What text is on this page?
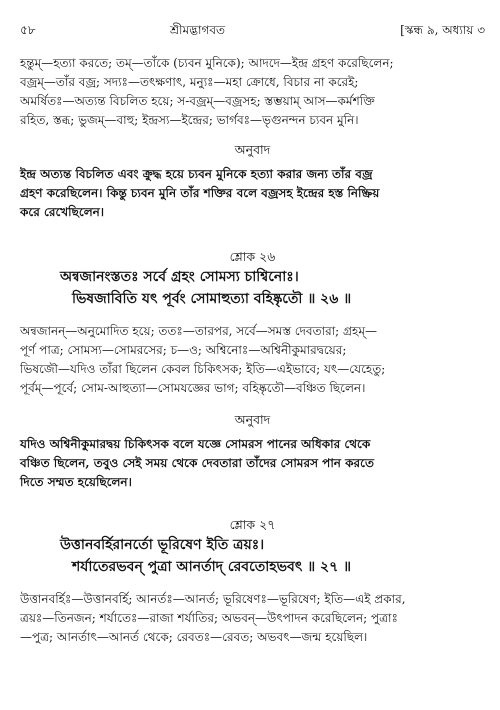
৫৮	শ্রীমদ্ভাগবত	[স্কন্ধ ৯, অধ্যায় ৩

হন্তুম্—হত্যা করতে; তম্—তাঁকে (চ্যবন মুনিকে); আদদে—ইন্দ্র গ্রহণ করেছিলেন;

বজ্রম্—তাঁর বজ্র; সদ্যঃ—তৎক্ষণাৎ, মন্যুঃ—মহা ক্রোধে, বিচার না করেই;

অমর্ষিতঃ—অত্যন্ত বিচলিত হয়ে; স-বজ্রম্—বজ্রসহ; স্তম্ভয়াম্ আস—কর্মশক্তি

রহিত, স্তব্ধ; ভুজম্—বাহু; ইন্দ্রস্য—ইন্দ্রের; ভার্গবঃ—ভৃগুনন্দন চ্যবন মুনি।

অনুবাদ

ইন্দ্র অত্যন্ত বিচলিত এবং ক্রুদ্ধ হয়ে চ্যবন মুনিকে হত্যা করার জন্য তাঁর বজ্র

গ্রহণ করেছিলেন। কিন্তু চ্যবন মুনি তাঁর শক্তির বলে বজ্রসহ ইন্দ্রের হস্ত নিষ্ক্রিয়

করে রেখেছিলেন।

শ্লোক ২৬

অন্বজানংস্ততঃ সর্বে গ্রহং সোমস্য চাশ্বিনোঃ।
ভিষজাবিতি যৎ পূর্বং সোমাহুত্যা বহিষ্কৃতৌ ॥ ২৬ ॥

অন্বজানন্—অনুমোদিত হয়ে; ততঃ—তারপর, সর্বে—সমস্ত দেবতারা; গ্রহম্—

পূর্ণ পাত্র; সোমস্য—সোমরসের; চ—ও; অশ্বিনোঃ—অশ্বিনীকুমারদ্বয়ের;

ভিষজৌ—যদিও তাঁরা ছিলেন কেবল চিকিৎসক; ইতি—এইভাবে; যৎ—যেহেতু;

পূর্বম্—পূর্বে; সোম-আহুত্যা—সোমযজ্ঞের ভাগ; বহিষ্কৃতৌ—বঞ্চিত ছিলেন।

অনুবাদ

যদিও অশ্বিনীকুমারদ্বয় চিকিৎসক বলে যজ্ঞে সোমরস পানের অধিকার থেকে

বঞ্চিত ছিলেন, তবুও সেই সময় থেকে দেবতারা তাঁদের সোমরস পান করতে

দিতে সম্মত হয়েছিলেন।

শ্লোক ২৭

উত্তানবর্হিরানর্তো ভূরিষেণ ইতি ত্রয়ঃ।
শর্যাতেরভবন্ পুত্রা আনর্তাদ্ রেবতোহভবৎ ॥ ২৭ ॥

উত্তানবর্হিঃ—উত্তানবর্হি; আনর্তঃ—আনর্ত; ভূরিষেণঃ—ভূরিষেণ; ইতি—এই প্রকার,

ত্রয়ঃ—তিনজন; শর্যাতেঃ—রাজা শর্যাতির; অভবন্—উৎপাদন করেছিলেন; পুত্রাঃ

—পুত্র; আনর্তাৎ—আনর্ত থেকে; রেবতঃ—রেবত; অভবৎ—জন্ম হয়েছিল।
